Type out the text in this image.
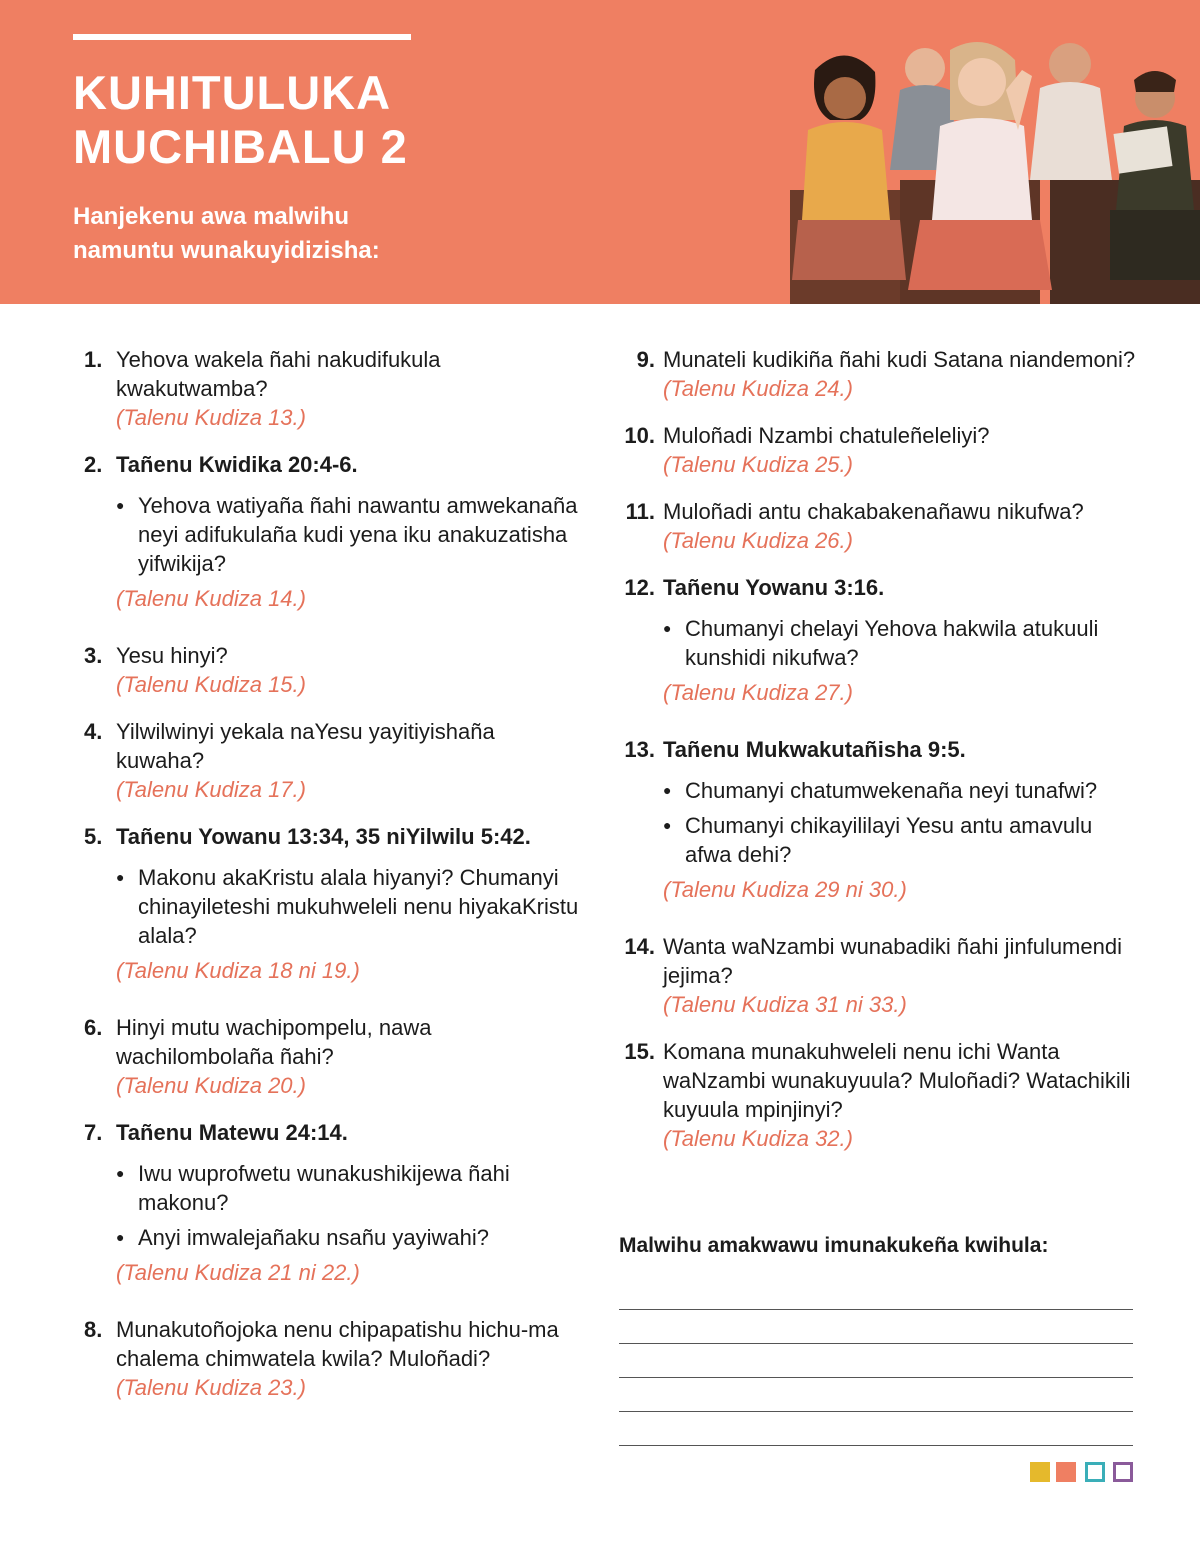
KUHITULUKA
MUCHIBALU 2

Hanjekenu awa malwihu namuntu wunakuyidizisha:

1. Yehova wakela ñahi nakudifukula kwakutwamba?
(Talenu Kudiza 13.)
2. Tañenu Kwidika 20:4-6.
● Yehova watiyaña ñahi nawantu amwekanaña neyi adifukulaña kudi yena iku anakuzatisha yifwikija?
(Talenu Kudiza 14.)
3. Yesu hinyi?
(Talenu Kudiza 15.)
4. Yilwilwinyi yekala naYesu yayitiyishaña kuwaha?
(Talenu Kudiza 17.)
5. Tañenu Yowanu 13:34, 35 niYilwilu 5:42.
● Makonu akaKristu alala hiyanyi? Chumanyi chinayileteshi mukuhweleli nenu hiyakaKristu alala?
(Talenu Kudiza 18 ni 19.)
6. Hinyi mutu wachipompelu, nawa wachilombolaña ñahi?
(Talenu Kudiza 20.)
7. Tañenu Matewu 24:14.
● Iwu wuprofwetu wunakushikijewa ñahi makonu?
● Anyi imwalejañaku nsañu yayiwahi?
(Talenu Kudiza 21 ni 22.)
8. Munakutoñojoka nenu chipapatishu hichu-ma chalema chimwatela kwila? Muloñadi?
(Talenu Kudiza 23.)
9. Munateli kudikiña ñahi kudi Satana niandemoni?
(Talenu Kudiza 24.)
10. Muloñadi Nzambi chatuleñeleliyi?
(Talenu Kudiza 25.)
11. Muloñadi antu chakabakenañawu nikufwa?
(Talenu Kudiza 26.)
12. Tañenu Yowanu 3:16.
● Chumanyi chelayi Yehova hakwila atukuuli kunshidi nikufwa?
(Talenu Kudiza 27.)
13. Tañenu Mukwakutañisha 9:5.
● Chumanyi chatumwekenaña neyi tunafwi?
● Chumanyi chikayililayi Yesu antu amavulu afwa dehi?
(Talenu Kudiza 29 ni 30.)
14. Wanta waNzambi wunabadiki ñahi jinfulumendi jejima?
(Talenu Kudiza 31 ni 33.)
15. Komana munakuhweleli nenu ichi Wanta waNzambi wunakuyuula? Muloñadi? Watachikili kuyuula mpinjinyi?
(Talenu Kudiza 32.)

Malwihu amakwawu imunakukeña kwihula:
